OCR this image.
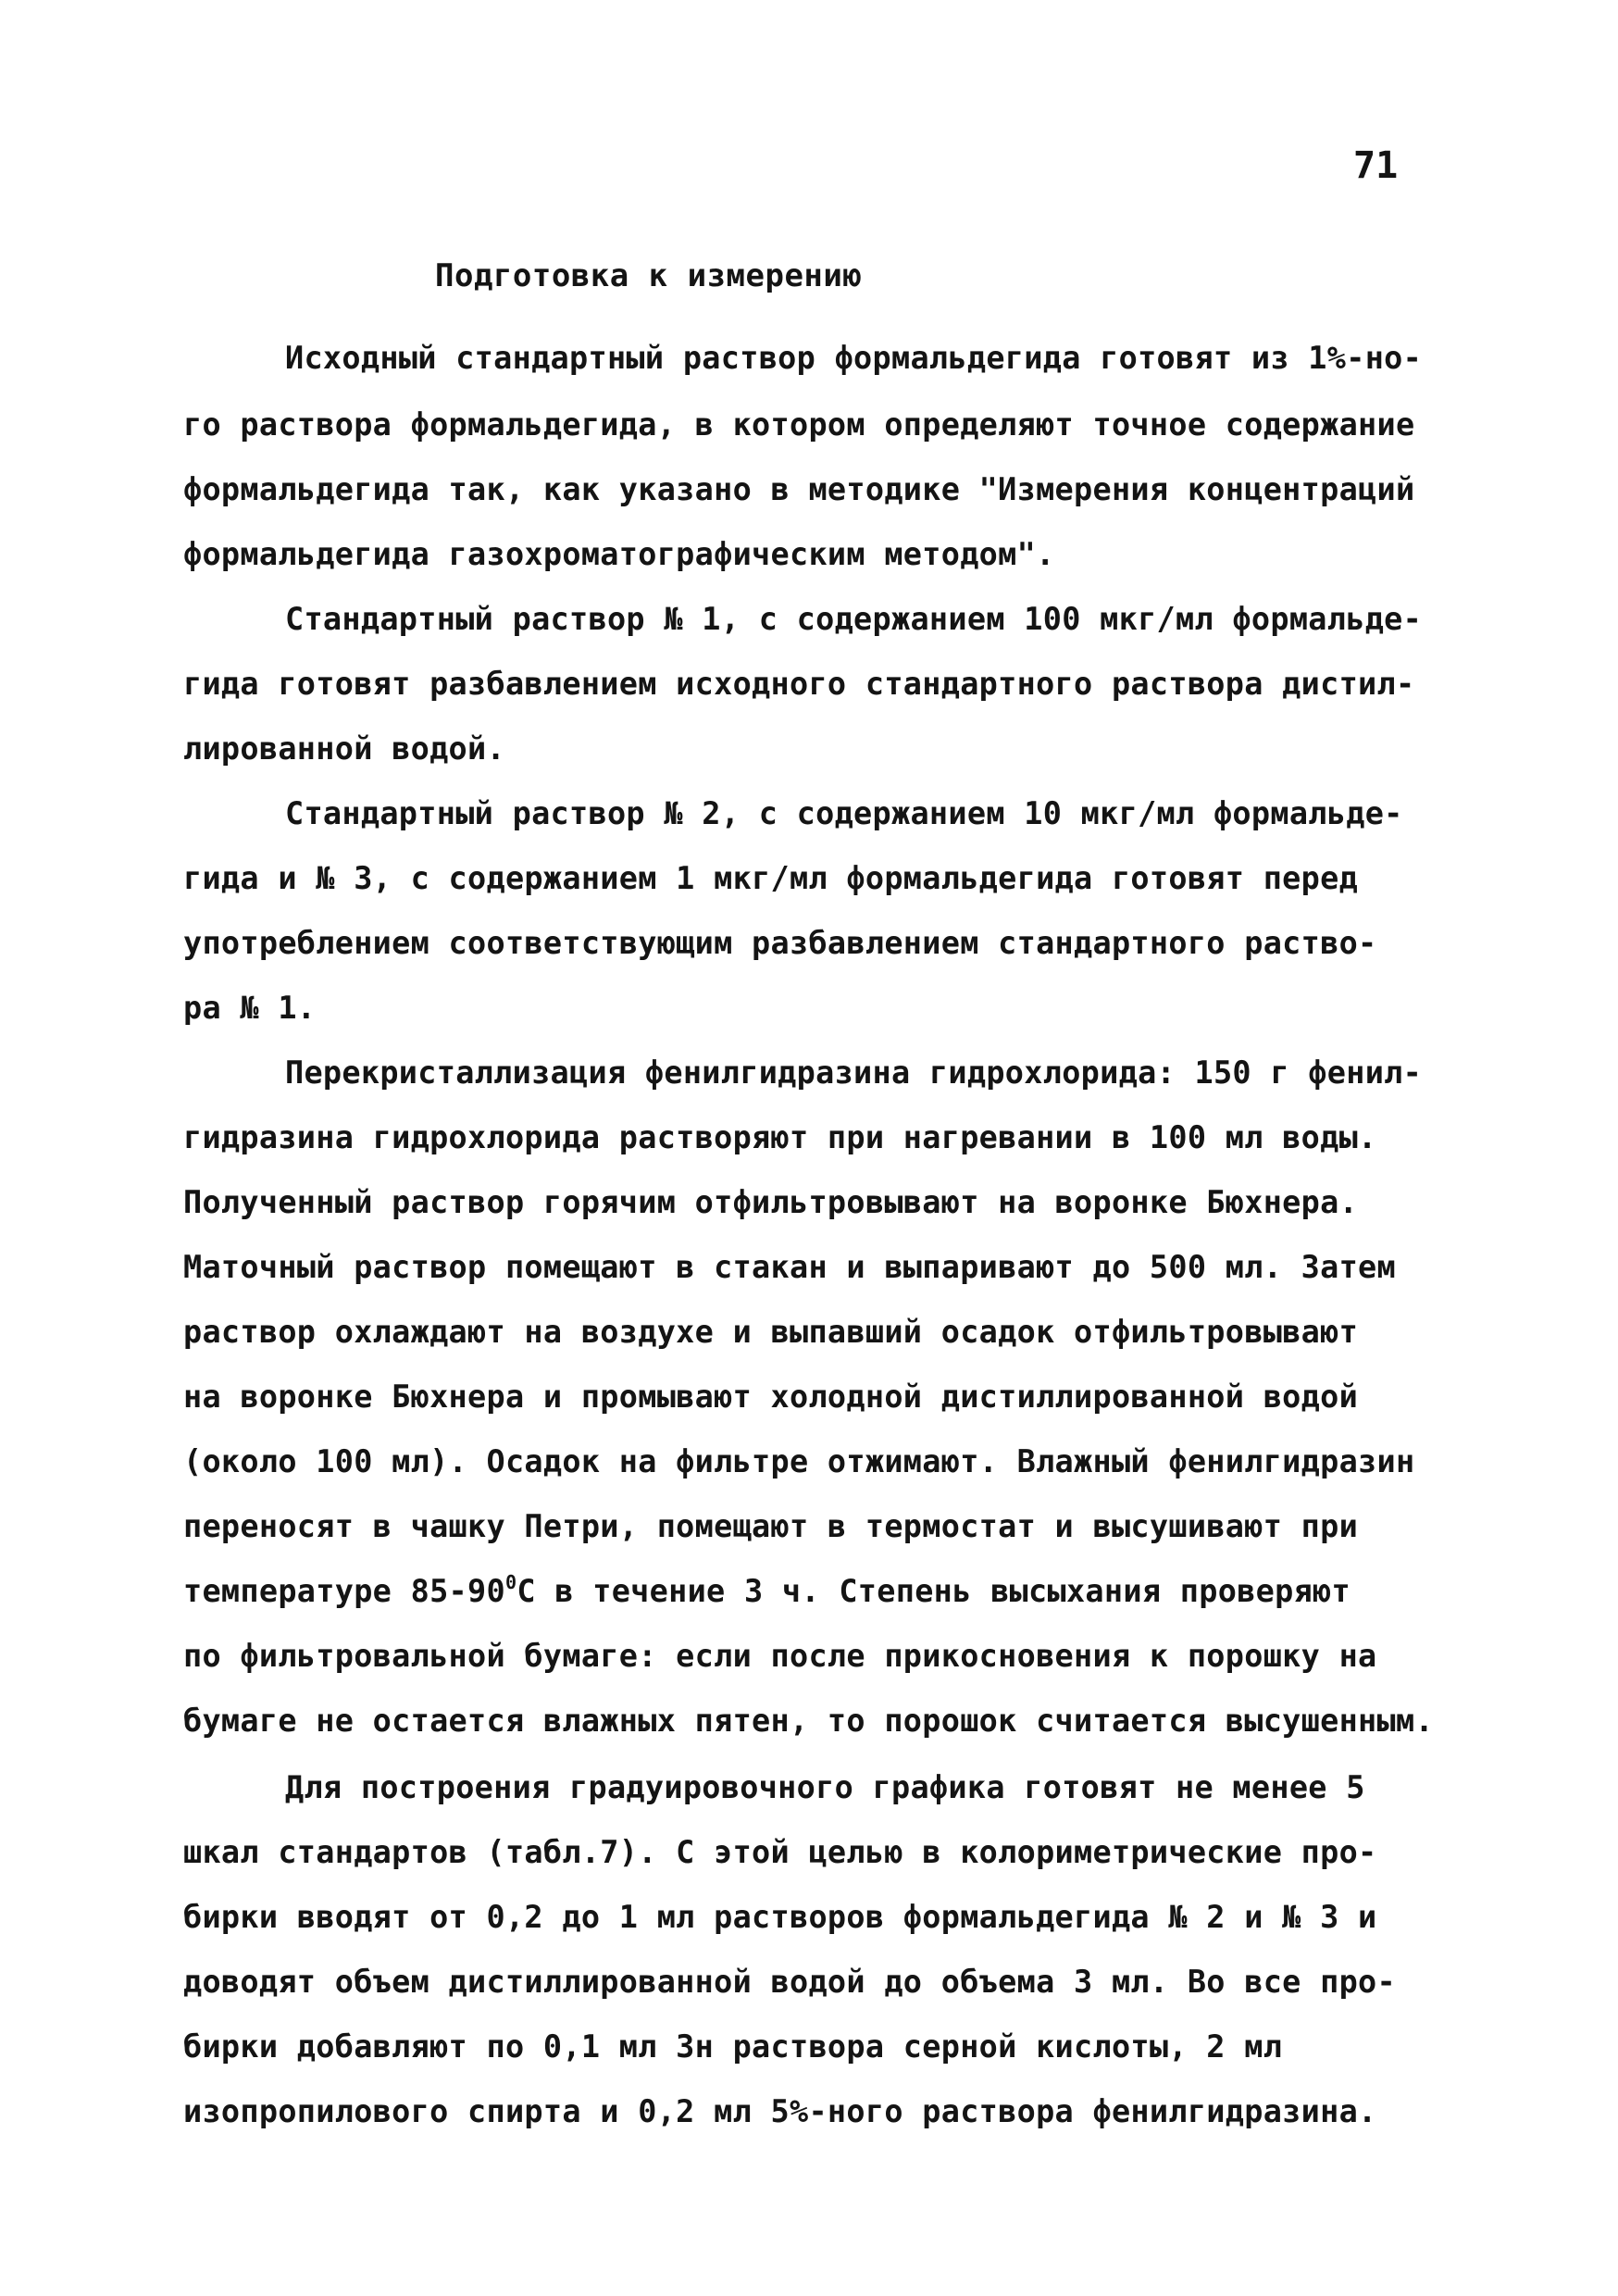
71
Подготовка к измерению
Исходный стандартный раствор формальдегида готовят из 1%-но-
го раствора формальдегида, в котором определяют точное содержание
формальдегида так, как указано в методике "Измерения концентраций
формальдегида газохроматографическим методом".
Стандартный раствор № 1, с содержанием 100 мкг/мл формальде-
гида готовят разбавлением исходного стандартного раствора дистил-
лированной водой.
Стандартный раствор № 2, с содержанием 10 мкг/мл формальде-
гида и № 3, с содержанием 1 мкг/мл формальдегида готовят перед
употреблением соответствующим разбавлением стандартного раство-
ра № 1.
Перекристаллизация фенилгидразина гидрохлорида: 150 г фенил-
гидразина гидрохлорида растворяют при нагревании в 100 мл воды.
Полученный раствор горячим отфильтровывают на воронке Бюхнера.
Маточный раствор помещают в стакан и выпаривают до 500 мл. Затем
раствор охлаждают на воздухе и выпавший осадок отфильтровывают
на воронке Бюхнера и промывают холодной дистиллированной водой
(около 100 мл). Осадок на фильтре отжимают. Влажный фенилгидразин
переносят в чашку Петри, помещают в термостат и высушивают при
температуре $85-90^0С$ в течение 3 ч. Степень высыхания проверяют
по фильтровальной бумаге: если после прикосновения к порошку на
бумаге не остается влажных пятен, то порошок считается высушенным.
Для построения градуировочного графика готовят не менее 5
шкал стандартов (табл.7). С этой целью в колориметрические про-
бирки вводят от 0,2 до 1 мл растворов формальдегида № 2 и № 3 и
доводят объем дистиллированной водой до объема 3 мл. Во все про-
бирки добавляют по 0,1 мл 3н раствора серной кислоты, 2 мл
изопропилового спирта и 0,2 мл 5%-ного раствора фенилгидразина.
